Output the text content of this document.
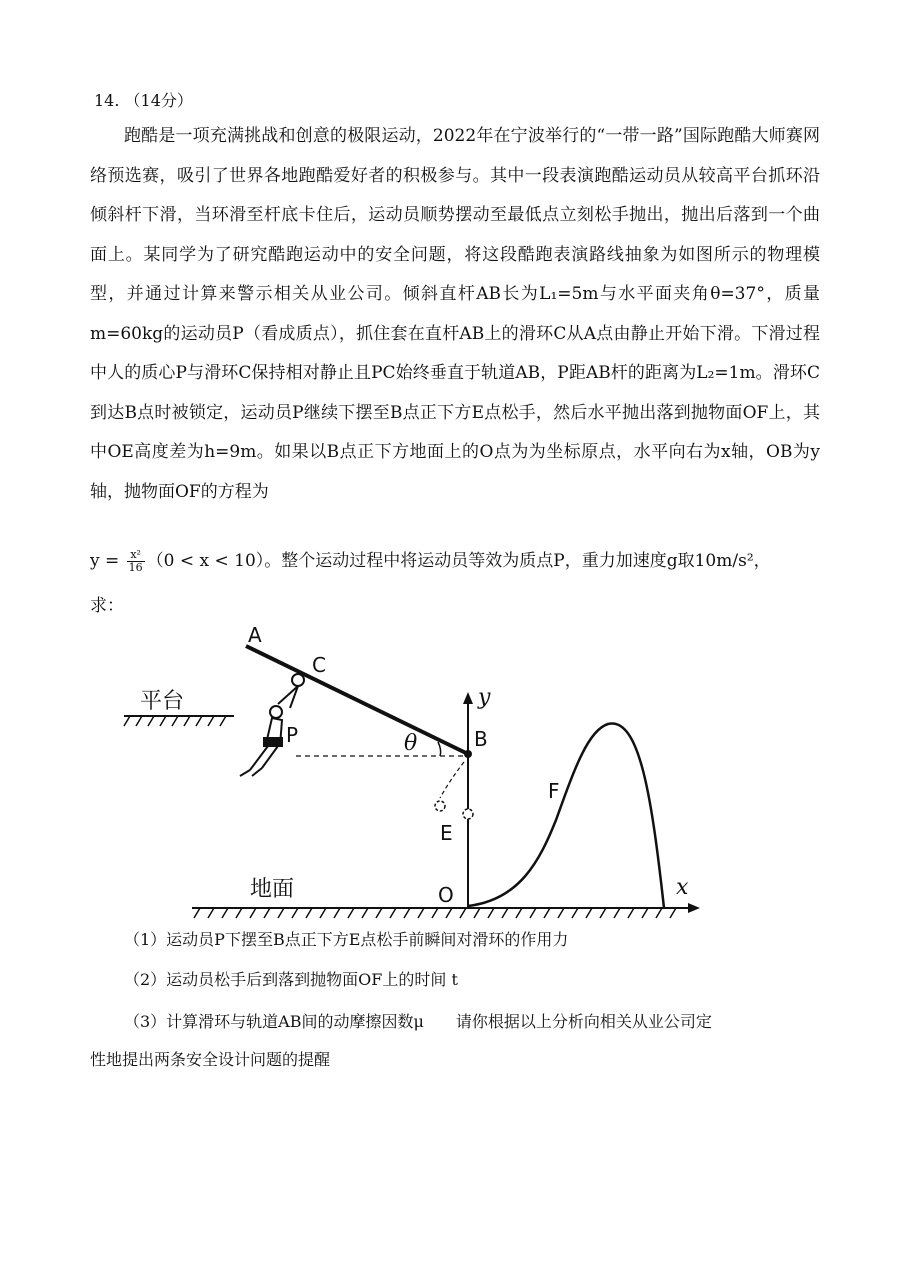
14. （14分）
跑酷是一项充满挑战和创意的极限运动，2022年在宁波举行的“一带一路”国际跑酷大师赛网络预选赛，吸引了世界各地跑酷爱好者的积极参与。其中一段表演跑酷运动员从较高平台抓环沿倾斜杆下滑，当环滑至杆底卡住后，运动员顺势摆动至最低点立刻松手抛出，抛出后落到一个曲面上。某同学为了研究酷跑运动中的安全问题，将这段酷跑表演路线抽象为如图所示的物理模型，并通过计算来警示相关从业公司。倾斜直杆AB长为L₁=5m与水平面夹角θ=37°，质量m=60kg的运动员P（看成质点），抓住套在直杆AB上的滑环C从A点由静止开始下滑。下滑过程中人的质心P与滑环C保持相对静止且PC始终垂直于轨道AB，P距AB杆的距离为L₂=1m。滑环C到达B点时被锁定，运动员P继续下摆至B点正下方E点松手，然后水平抛出落到抛物面OF上，其中OE高度差为h=9m。如果以B点正下方地面上的O点为为坐标原点，水平向右为x轴，OB为y轴，抛物面OF的方程为
$y = \frac{\text{x²}}{16} (0 < x < 10)$。整个运动过程中将运动员等效为质点P，重力加速度g取10m/s²，
求：
平台
A
C
B
P	θ
y
E
地面	O	x
F
（1）运动员P下摆至B点正下方E点松手前瞬间对滑环的作用力
（2）运动员松手后到落到抛物面OF上的时间 t
（3）计算滑环与轨道AB间的动摩擦因数μ　　请你根据以上分析向相关从业公司定
性地提出两条安全设计问题的提醒
